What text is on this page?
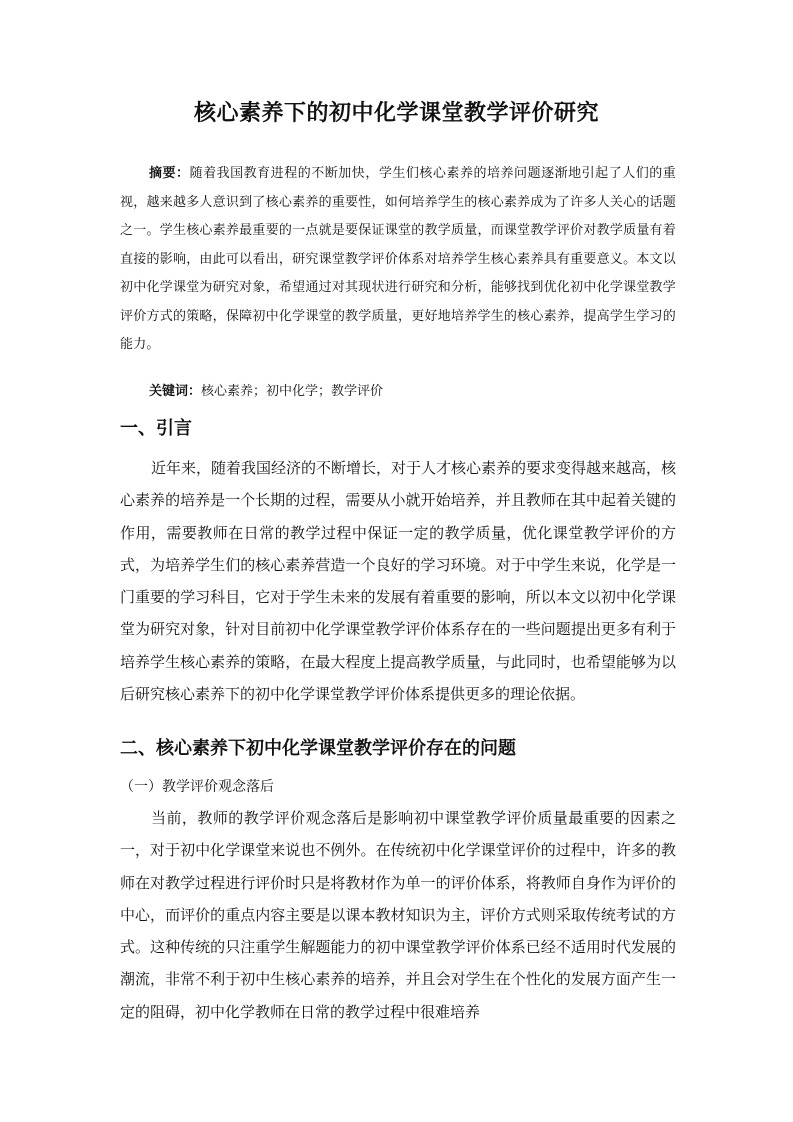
核心素养下的初中化学课堂教学评价研究

摘要：随着我国教育进程的不断加快，学生们核心素养的培养问题逐渐地引起了人们的重视，越来越多人意识到了核心素养的重要性，如何培养学生的核心素养成为了许多人关心的话题之一。学生核心素养最重要的一点就是要保证课堂的教学质量，而课堂教学评价对教学质量有着直接的影响，由此可以看出，研究课堂教学评价体系对培养学生核心素养具有重要意义。本文以初中化学课堂为研究对象，希望通过对其现状进行研究和分析，能够找到优化初中化学课堂教学评价方式的策略，保障初中化学课堂的教学质量，更好地培养学生的核心素养，提高学生学习的能力。

关键词：核心素养；初中化学；教学评价
一、引言

近年来，随着我国经济的不断增长，对于人才核心素养的要求变得越来越高，核心素养的培养是一个长期的过程，需要从小就开始培养，并且教师在其中起着关键的作用，需要教师在日常的教学过程中保证一定的教学质量，优化课堂教学评价的方式，为培养学生们的核心素养营造一个良好的学习环境。对于中学生来说，化学是一门重要的学习科目，它对于学生未来的发展有着重要的影响，所以本文以初中化学课堂为研究对象，针对目前初中化学课堂教学评价体系存在的一些问题提出更多有利于培养学生核心素养的策略，在最大程度上提高教学质量，与此同时，也希望能够为以后研究核心素养下的初中化学课堂教学评价体系提供更多的理论依据。

二、核心素养下初中化学课堂教学评价存在的问题
（一）教学评价观念落后

当前，教师的教学评价观念落后是影响初中课堂教学评价质量最重要的因素之一，对于初中化学课堂来说也不例外。在传统初中化学课堂评价的过程中，许多的教师在对教学过程进行评价时只是将教材作为单一的评价体系，将教师自身作为评价的中心，而评价的重点内容主要是以课本教材知识为主，评价方式则采取传统考试的方式。这种传统的只注重学生解题能力的初中课堂教学评价体系已经不适用时代发展的潮流，非常不利于初中生核心素养的培养，并且会对学生在个性化的发展方面产生一定的阻碍，初中化学教师在日常的教学过程中很难培养
